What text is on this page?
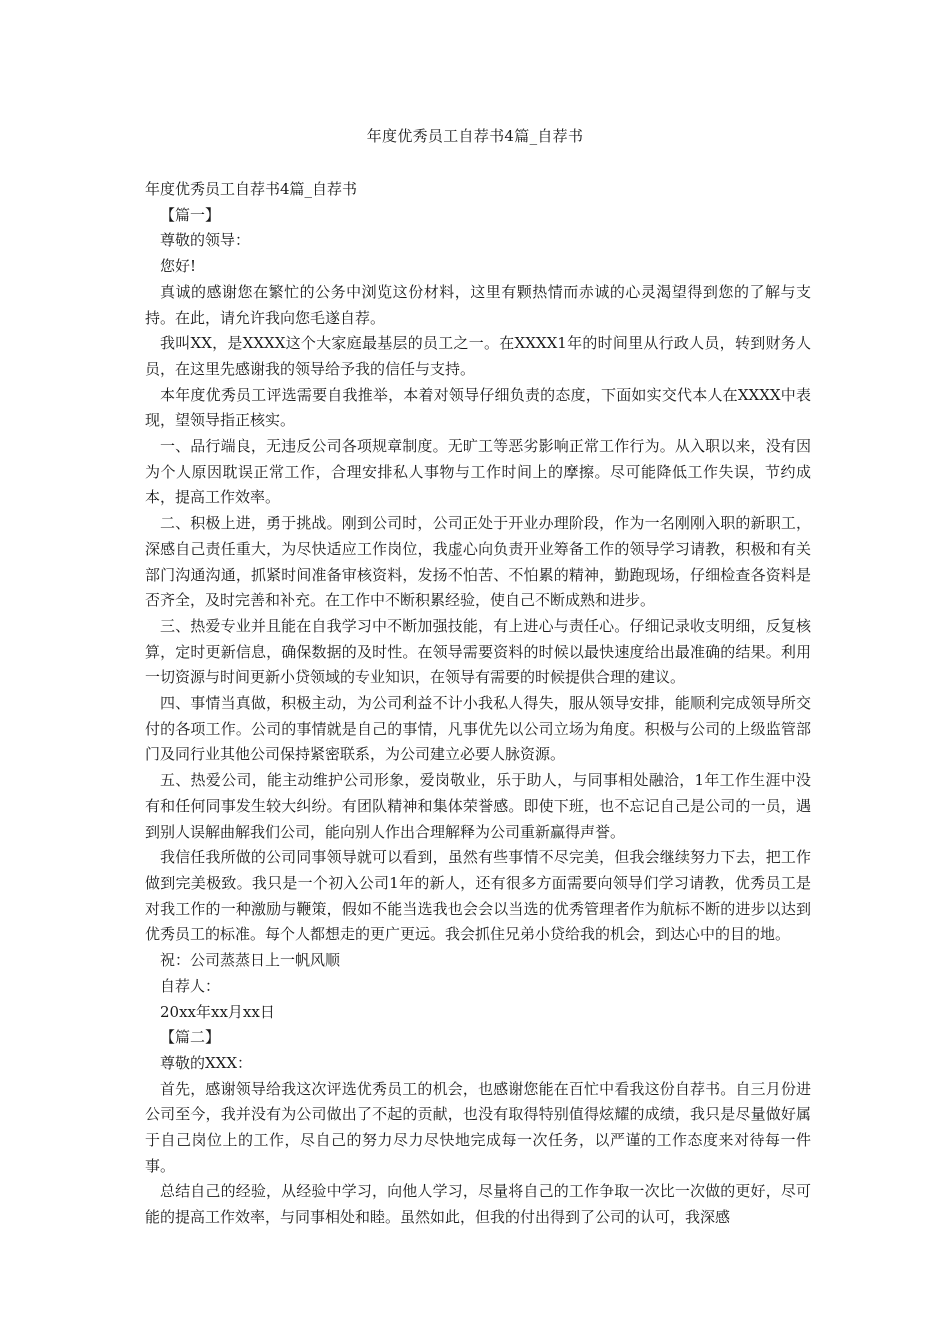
年度优秀员工自荐书4篇_自荐书

年度优秀员工自荐书4篇_自荐书

【篇一】

尊敬的领导：

您好!

真诚的感谢您在繁忙的公务中浏览这份材料，这里有颗热情而赤诚的心灵渴望得到您的了解与支持。在此，请允许我向您毛遂自荐。

我叫XX，是XXXX这个大家庭最基层的员工之一。在XXXX1年的时间里从行政人员，转到财务人员，在这里先感谢我的领导给予我的信任与支持。

本年度优秀员工评选需要自我推举，本着对领导仔细负责的态度，下面如实交代本人在XXXX中表现，望领导指正核实。

一、品行端良，无违反公司各项规章制度。无旷工等恶劣影响正常工作行为。从入职以来，没有因为个人原因耽误正常工作，合理安排私人事物与工作时间上的摩擦。尽可能降低工作失误，节约成本，提高工作效率。

二、积极上进，勇于挑战。刚到公司时，公司正处于开业办理阶段，作为一名刚刚入职的新职工，深感自己责任重大，为尽快适应工作岗位，我虚心向负责开业筹备工作的领导学习请教，积极和有关部门沟通沟通，抓紧时间准备审核资料，发扬不怕苦、不怕累的精神，勤跑现场，仔细检查各资料是否齐全，及时完善和补充。在工作中不断积累经验，使自己不断成熟和进步。

三、热爱专业并且能在自我学习中不断加强技能，有上进心与责任心。仔细记录收支明细，反复核算，定时更新信息，确保数据的及时性。在领导需要资料的时候以最快速度给出最准确的结果。利用一切资源与时间更新小贷领域的专业知识，在领导有需要的时候提供合理的建议。

四、事情当真做，积极主动，为公司利益不计小我私人得失，服从领导安排，能顺利完成领导所交付的各项工作。公司的事情就是自己的事情，凡事优先以公司立场为角度。积极与公司的上级监管部门及同行业其他公司保持紧密联系，为公司建立必要人脉资源。

五、热爱公司，能主动维护公司形象，爱岗敬业，乐于助人，与同事相处融洽，1年工作生涯中没有和任何同事发生较大纠纷。有团队精神和集体荣誉感。即使下班，也不忘记自己是公司的一员，遇到别人误解曲解我们公司，能向别人作出合理解释为公司重新赢得声誉。

我信任我所做的公司同事领导就可以看到，虽然有些事情不尽完美，但我会继续努力下去，把工作做到完美极致。我只是一个初入公司1年的新人，还有很多方面需要向领导们学习请教，优秀员工是对我工作的一种激励与鞭策，假如不能当选我也会会以当选的优秀管理者作为航标不断的进步以达到优秀员工的标准。每个人都想走的更广更远。我会抓住兄弟小贷给我的机会，到达心中的目的地。

祝：公司蒸蒸日上一帆风顺

自荐人：

20xx年xx月xx日

【篇二】

尊敬的XXX：

首先，感谢领导给我这次评选优秀员工的机会，也感谢您能在百忙中看我这份自荐书。自三月份进公司至今，我并没有为公司做出了不起的贡献，也没有取得特别值得炫耀的成绩，我只是尽量做好属于自己岗位上的工作，尽自己的努力尽力尽快地完成每一次任务，以严谨的工作态度来对待每一件事。

总结自己的经验，从经验中学习，向他人学习，尽量将自己的工作争取一次比一次做的更好，尽可能的提高工作效率，与同事相处和睦。虽然如此，但我的付出得到了公司的认可，我深感
